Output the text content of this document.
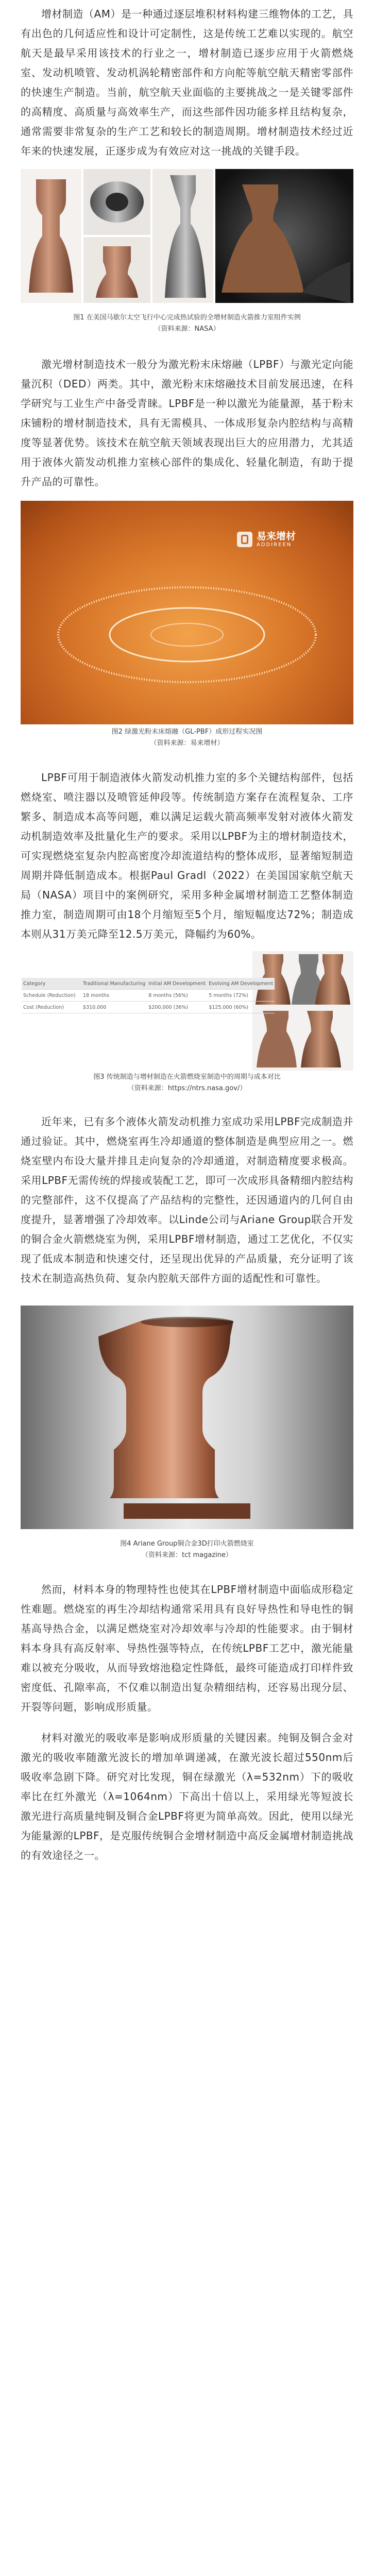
增材制造（AM）是一种通过逐层堆积材料构建三维物体的工艺，具有出色的几何适应性和设计可定制性，这是传统工艺难以实现的。航空航天是最早采用该技术的行业之一，增材制造已逐步应用于火箭燃烧室、发动机喷管、发动机涡轮精密部件和方向舵等航空航天精密零部件的快速生产制造。当前，航空航天业面临的主要挑战之一是关键零部件的高精度、高质量与高效率生产，而这些部件因功能多样且结构复杂，通常需要非常复杂的生产工艺和较长的制造周期。增材制造技术经过近年来的快速发展，正逐步成为有效应对这一挑战的关键手段。

图1 在美国马歇尔太空飞行中心完成热试验的全增材制造火箭推力室组件实例
（资料来源：NASA）

激光增材制造技术一般分为激光粉末床熔融（LPBF）与激光定向能量沉积（DED）两类。其中，激光粉末床熔融技术目前发展迅速，在科学研究与工业生产中备受青睐。LPBF是一种以激光为能量源，基于粉末床铺粉的增材制造技术，具有无需模具、一体成形复杂内腔结构与高精度等显著优势。该技术在航空航天领域表现出巨大的应用潜力，尤其适用于液体火箭发动机推力室核心部件的集成化、轻量化制造，有助于提升产品的可靠性。

易来增材
ADDIREEN

图2 绿激光粉末床熔融（GL-PBF）成形过程实况图
（资料来源：易来增材）

LPBF可用于制造液体火箭发动机推力室的多个关键结构部件，包括燃烧室、喷注器以及喷管延伸段等。传统制造方案存在流程复杂、工序繁多、制造成本高等问题，难以满足运载火箭高频率发射对液体火箭发动机制造效率及批量化生产的要求。采用以LPBF为主的增材制造技术，可实现燃烧室复杂内腔高密度冷却流道结构的整体成形，显著缩短制造周期并降低制造成本。根据Paul Gradl（2022）在美国国家航空航天局（NASA）项目中的案例研究，采用多种金属增材制造工艺整体制造推力室，制造周期可由18个月缩短至5个月，缩短幅度达72%；制造成本则从31万美元降至12.5万美元，降幅约为60%。

Category	Traditional Manufacturing	Initial AM Development	Evolving AM Development
Schedule (Reduction)	18 months	8 months (56%)	5 months (72%)
Cost (Reduction)	$310,000	$200,000 (36%)	$125,000 (60%)

图3 传统制造与增材制造在火箭燃烧室制造中的周期与成本对比
（资料来源：https://ntrs.nasa.gov/）

近年来，已有多个液体火箭发动机推力室成功采用LPBF完成制造并通过验证。其中，燃烧室再生冷却通道的整体制造是典型应用之一。燃烧室壁内布设大量并排且走向复杂的冷却通道，对制造精度要求极高。采用LPBF无需传统的焊接或装配工艺，即可一次成形具备精细内腔结构的完整部件，这不仅提高了产品结构的完整性，还因通道内的几何自由度提升，显著增强了冷却效率。以Linde公司与Ariane Group联合开发的铜合金火箭燃烧室为例，采用LPBF增材制造，通过工艺优化，不仅实现了低成本制造和快速交付，还呈现出优异的产品质量，充分证明了该技术在制造高热负荷、复杂内腔航天部件方面的适配性和可靠性。

图4 Ariane Group铜合金3D打印火箭燃烧室
（资料来源：tct magazine）

然而，材料本身的物理特性也使其在LPBF增材制造中面临成形稳定性难题。燃烧室的再生冷却结构通常采用具有良好导热性和导电性的铜基高导热合金，以满足燃烧室对冷却效率与冷却的性能要求。由于铜材料本身具有高反射率、导热性强等特点，在传统LPBF工艺中，激光能量难以被充分吸收，从而导致熔池稳定性降低，最终可能造成打印样件致密度低、孔隙率高，不仅难以制造出复杂精细结构，还容易出现分层、开裂等问题，影响成形质量。

材料对激光的吸收率是影响成形质量的关键因素。纯铜及铜合金对激光的吸收率随激光波长的增加单调递减，在激光波长超过550nm后吸收率急剧下降。研究对比发现，铜在绿激光（λ=532nm）下的吸收率比在红外激光（λ=1064nm）下高出十倍以上，采用绿光等短波长激光进行高质量纯铜及铜合金LPBF将更为简单高效。因此，使用以绿光为能量源的LPBF，是克服传统铜合金增材制造中高反金属增材制造挑战的有效途径之一。
